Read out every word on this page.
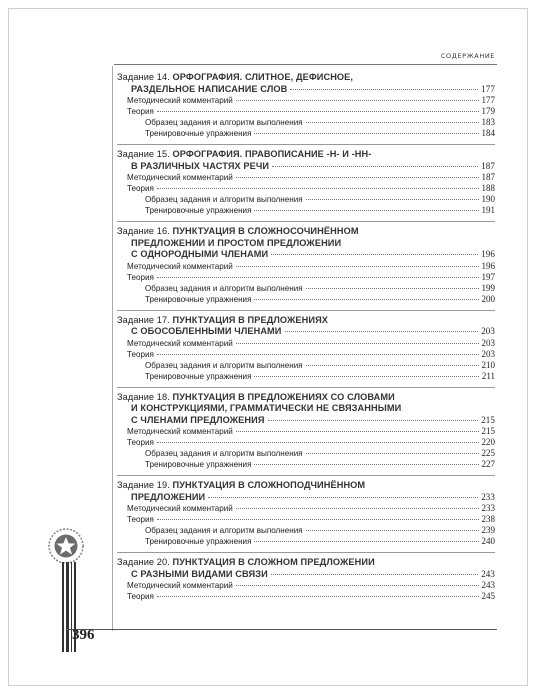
СОДЕРЖАНИЕ
Задание 14. ОРФОГРАФИЯ. СЛИТНОЕ, ДЕФИСНОЕ,
РАЗДЕЛЬНОЕ НАПИСАНИЕ СЛОВ	177
Методический комментарий	177
Теория	179
Образец задания и алгоритм выполнения	183
Тренировочные упражнения	184
Задание 15. ОРФОГРАФИЯ. ПРАВОПИСАНИЕ -Н- И -НН-
В РАЗЛИЧНЫХ ЧАСТЯХ РЕЧИ	187
Методический комментарий	187
Теория	188
Образец задания и алгоритм выполнения	190
Тренировочные упражнения	191
Задание 16. ПУНКТУАЦИЯ В СЛОЖНОСОЧИНЁННОМ
ПРЕДЛОЖЕНИИ И ПРОСТОМ ПРЕДЛОЖЕНИИ
С ОДНОРОДНЫМИ ЧЛЕНАМИ	196
Методический комментарий	196
Теория	197
Образец задания и алгоритм выполнения	199
Тренировочные упражнения	200
Задание 17. ПУНКТУАЦИЯ В ПРЕДЛОЖЕНИЯХ
С ОБОСОБЛЕННЫМИ ЧЛЕНАМИ	203
Методический комментарий	203
Теория	203
Образец задания и алгоритм выполнения	210
Тренировочные упражнения	211
Задание 18. ПУНКТУАЦИЯ В ПРЕДЛОЖЕНИЯХ СО СЛОВАМИ
И КОНСТРУКЦИЯМИ, ГРАММАТИЧЕСКИ НЕ СВЯЗАННЫМИ
С ЧЛЕНАМИ ПРЕДЛОЖЕНИЯ	215
Методический комментарий	215
Теория	220
Образец задания и алгоритм выполнения	225
Тренировочные упражнения	227
Задание 19. ПУНКТУАЦИЯ В СЛОЖНОПОДЧИНЁННОМ
ПРЕДЛОЖЕНИИ	233
Методический комментарий	233
Теория	238
Образец задания и алгоритм выполнения	239
Тренировочные упражнения	240
Задание 20. ПУНКТУАЦИЯ В СЛОЖНОМ ПРЕДЛОЖЕНИИ
С РАЗНЫМИ ВИДАМИ СВЯЗИ	243
Методический комментарий	243
Теория	245
396
